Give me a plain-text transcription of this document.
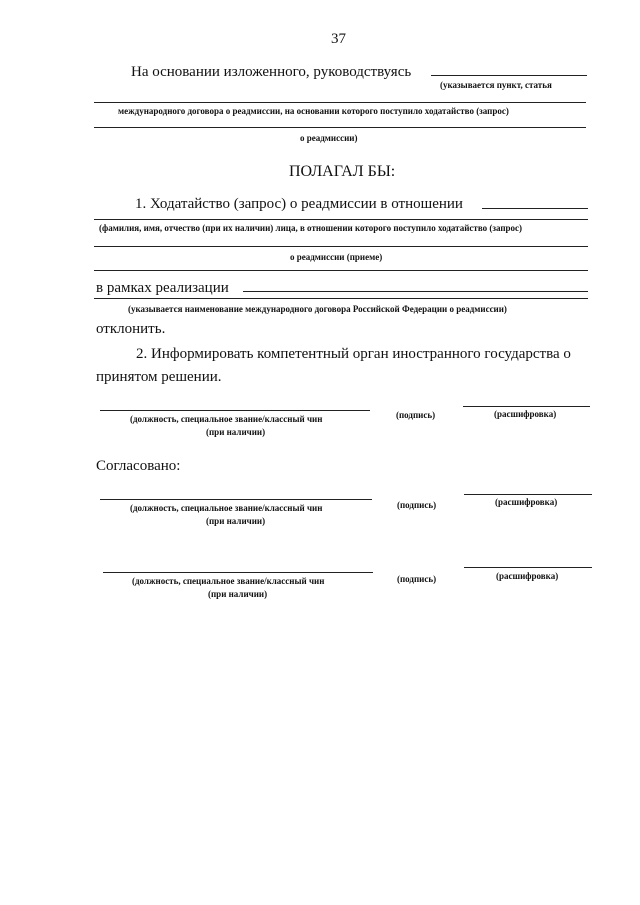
37
На основании изложенного, руководствуясь
(указывается пункт, статья
международного договора о реадмиссии, на основании которого поступило ходатайство (запрос)
о реадмиссии)
ПОЛАГАЛ БЫ:
1. Ходатайство (запрос) о реадмиссии в отношении
(фамилия, имя, отчество (при их наличии) лица, в отношении которого поступило ходатайство (запрос)
о реадмиссии (приеме)
в рамках реализации
(указывается наименование международного договора Российской Федерации о реадмиссии)
отклонить.
2. Информировать компетентный орган иностранного государства о
принятом решении.
(должность, специальное звание/классный чин
(при наличии)
(подпись)	(расшифровка)
Согласовано:
(должность, специальное звание/классный чин
(при наличии)
(подпись)	(расшифровка)
(должность, специальное звание/классный чин
(при наличии)
(подпись)	(расшифровка)
